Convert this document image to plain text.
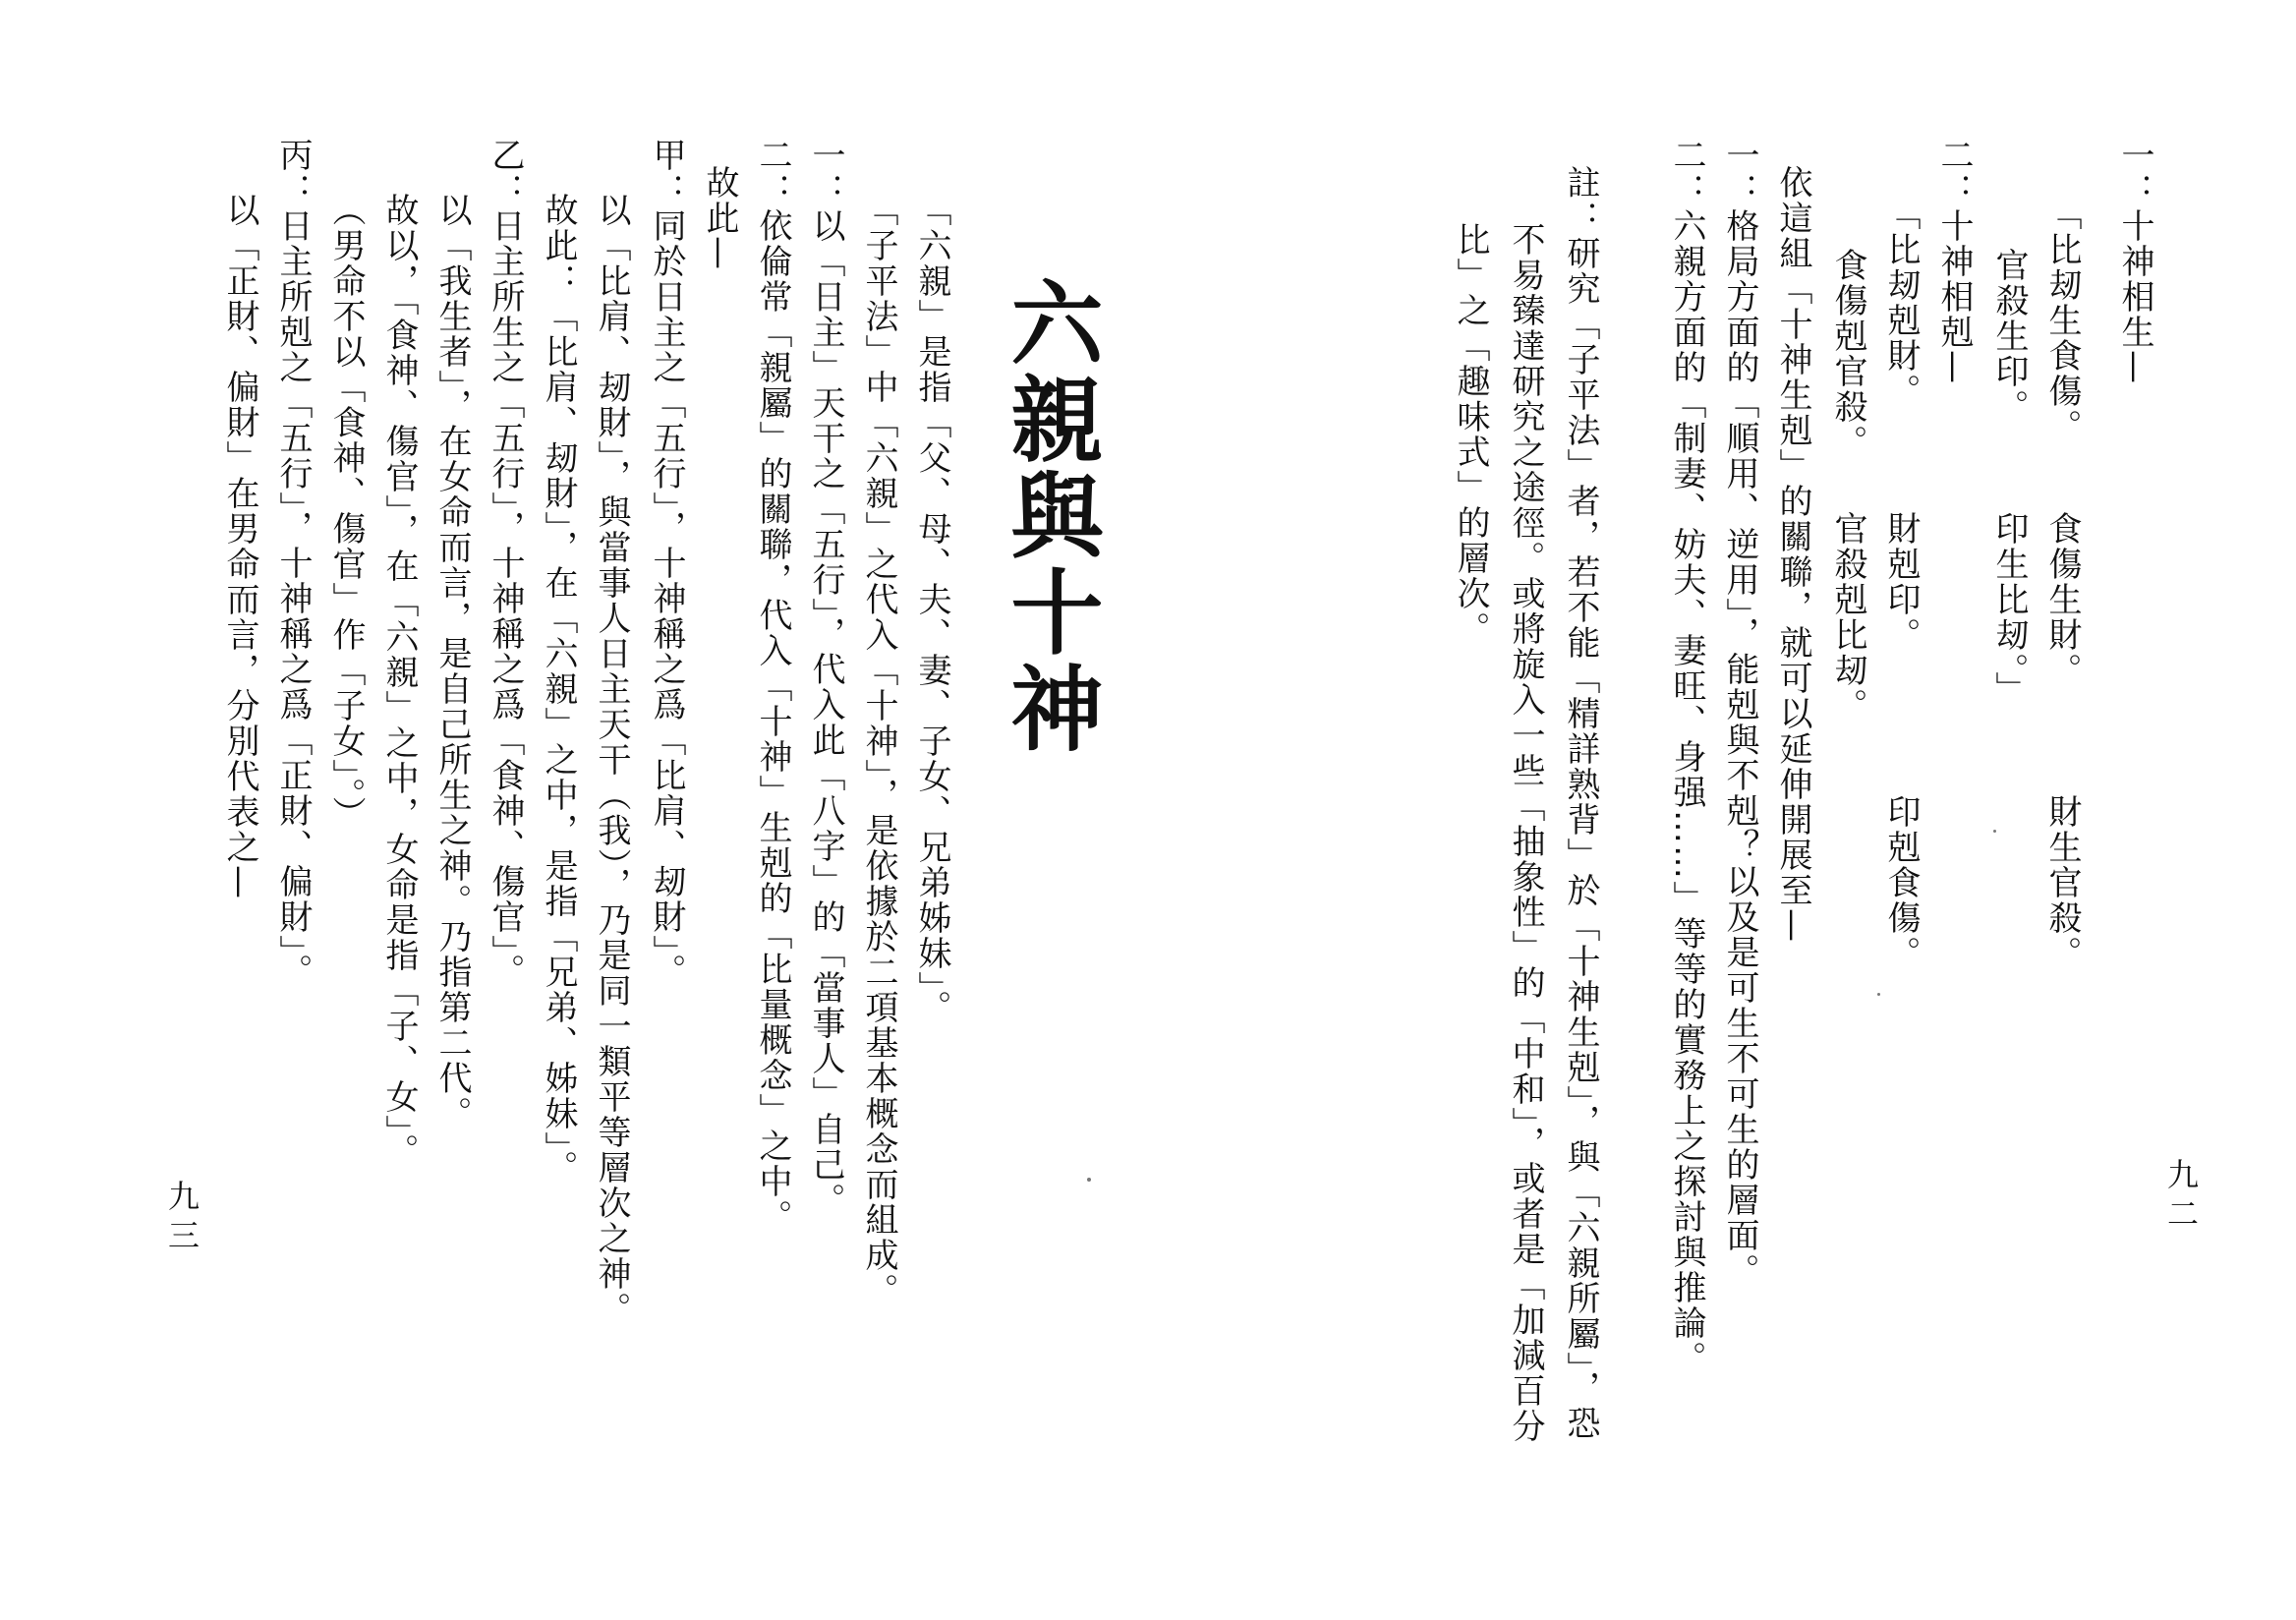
一：十神相生—
「比刼生食傷。
食傷生財。
財生官殺。
官殺生印。
印生比刼。」
二：十神相剋—
「比刼剋財。
財剋印。
印剋食傷。
食傷剋官殺。
官殺剋比刼。
依這組「十神生剋」的關聯，就可以延伸開展至—
一：格局方面的「順用、逆用」，能剋與不剋？以及是可生不可生的層面。
二：六親方面的「制妻、妨夫、妻旺、身强……」等等的實務上之探討與推論。
註：研究「子平法」者，若不能「精詳熟背」於「十神生剋」，與「六親所屬」，恐
不易臻達研究之途徑。或將旋入一些「抽象性」的「中和」，或者是「加減百分
比」之「趣味式」的層次。
六親與十神
「六親」是指「父、母、夫、妻、子女、兄弟姊妹」。
「子平法」中「六親」之代入「十神」，是依據於二項基本概念而組成。
一：以「日主」天干之「五行」，代入此「八字」的「當事人」自己。
二：依倫常「親屬」的關聯，代入「十神」生剋的「比量概念」之中。
故此—
甲：同於日主之「五行」，十神稱之爲「比肩、刼財」。
以「比肩、刼財」，與當事人日主天干（我），乃是同一類平等層次之神。
故此：「比肩、刼財」，在「六親」之中，是指「兄弟、姊妹」。
乙：日主所生之「五行」，十神稱之爲「食神、傷官」。
以「我生者」，在女命而言，是自己所生之神。乃指第二代。
故以，「食神、傷官」，在「六親」之中，女命是指「子、女」。
（男命不以「食神、傷官」作「子女」。）
丙：日主所剋之「五行」，十神稱之爲「正財、偏財」。
以「正財、偏財」在男命而言，分別代表之—
九二
九三
